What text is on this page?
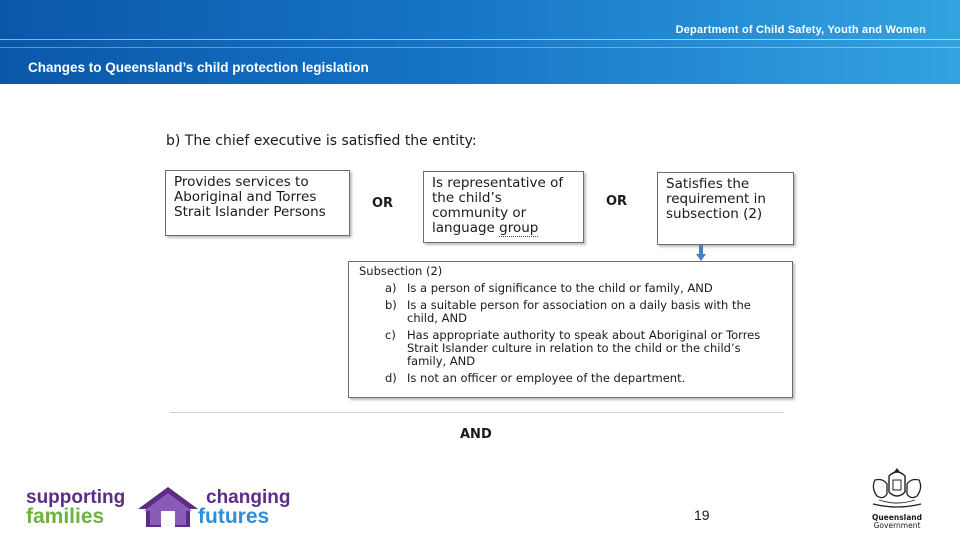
Department of Child Safety, Youth and Women
Changes to Queensland’s child protection legislation
b) The chief executive is satisfied the entity:
Provides services to Aboriginal and Torres Strait Islander Persons
OR
Is representative of the child’s community or language group
OR
Satisfies the requirement in subsection (2)
Subsection (2)
a) Is a person of significance to the child or family, AND
b) Is a suitable person for association on a daily basis with the child, AND
c) Has appropriate authority to speak about Aboriginal or Torres Strait Islander culture in relation to the child or the child’s family, AND
d) Is not an officer or employee of the department.
AND
supporting	changing
families	futures	19	Queensland
Government
